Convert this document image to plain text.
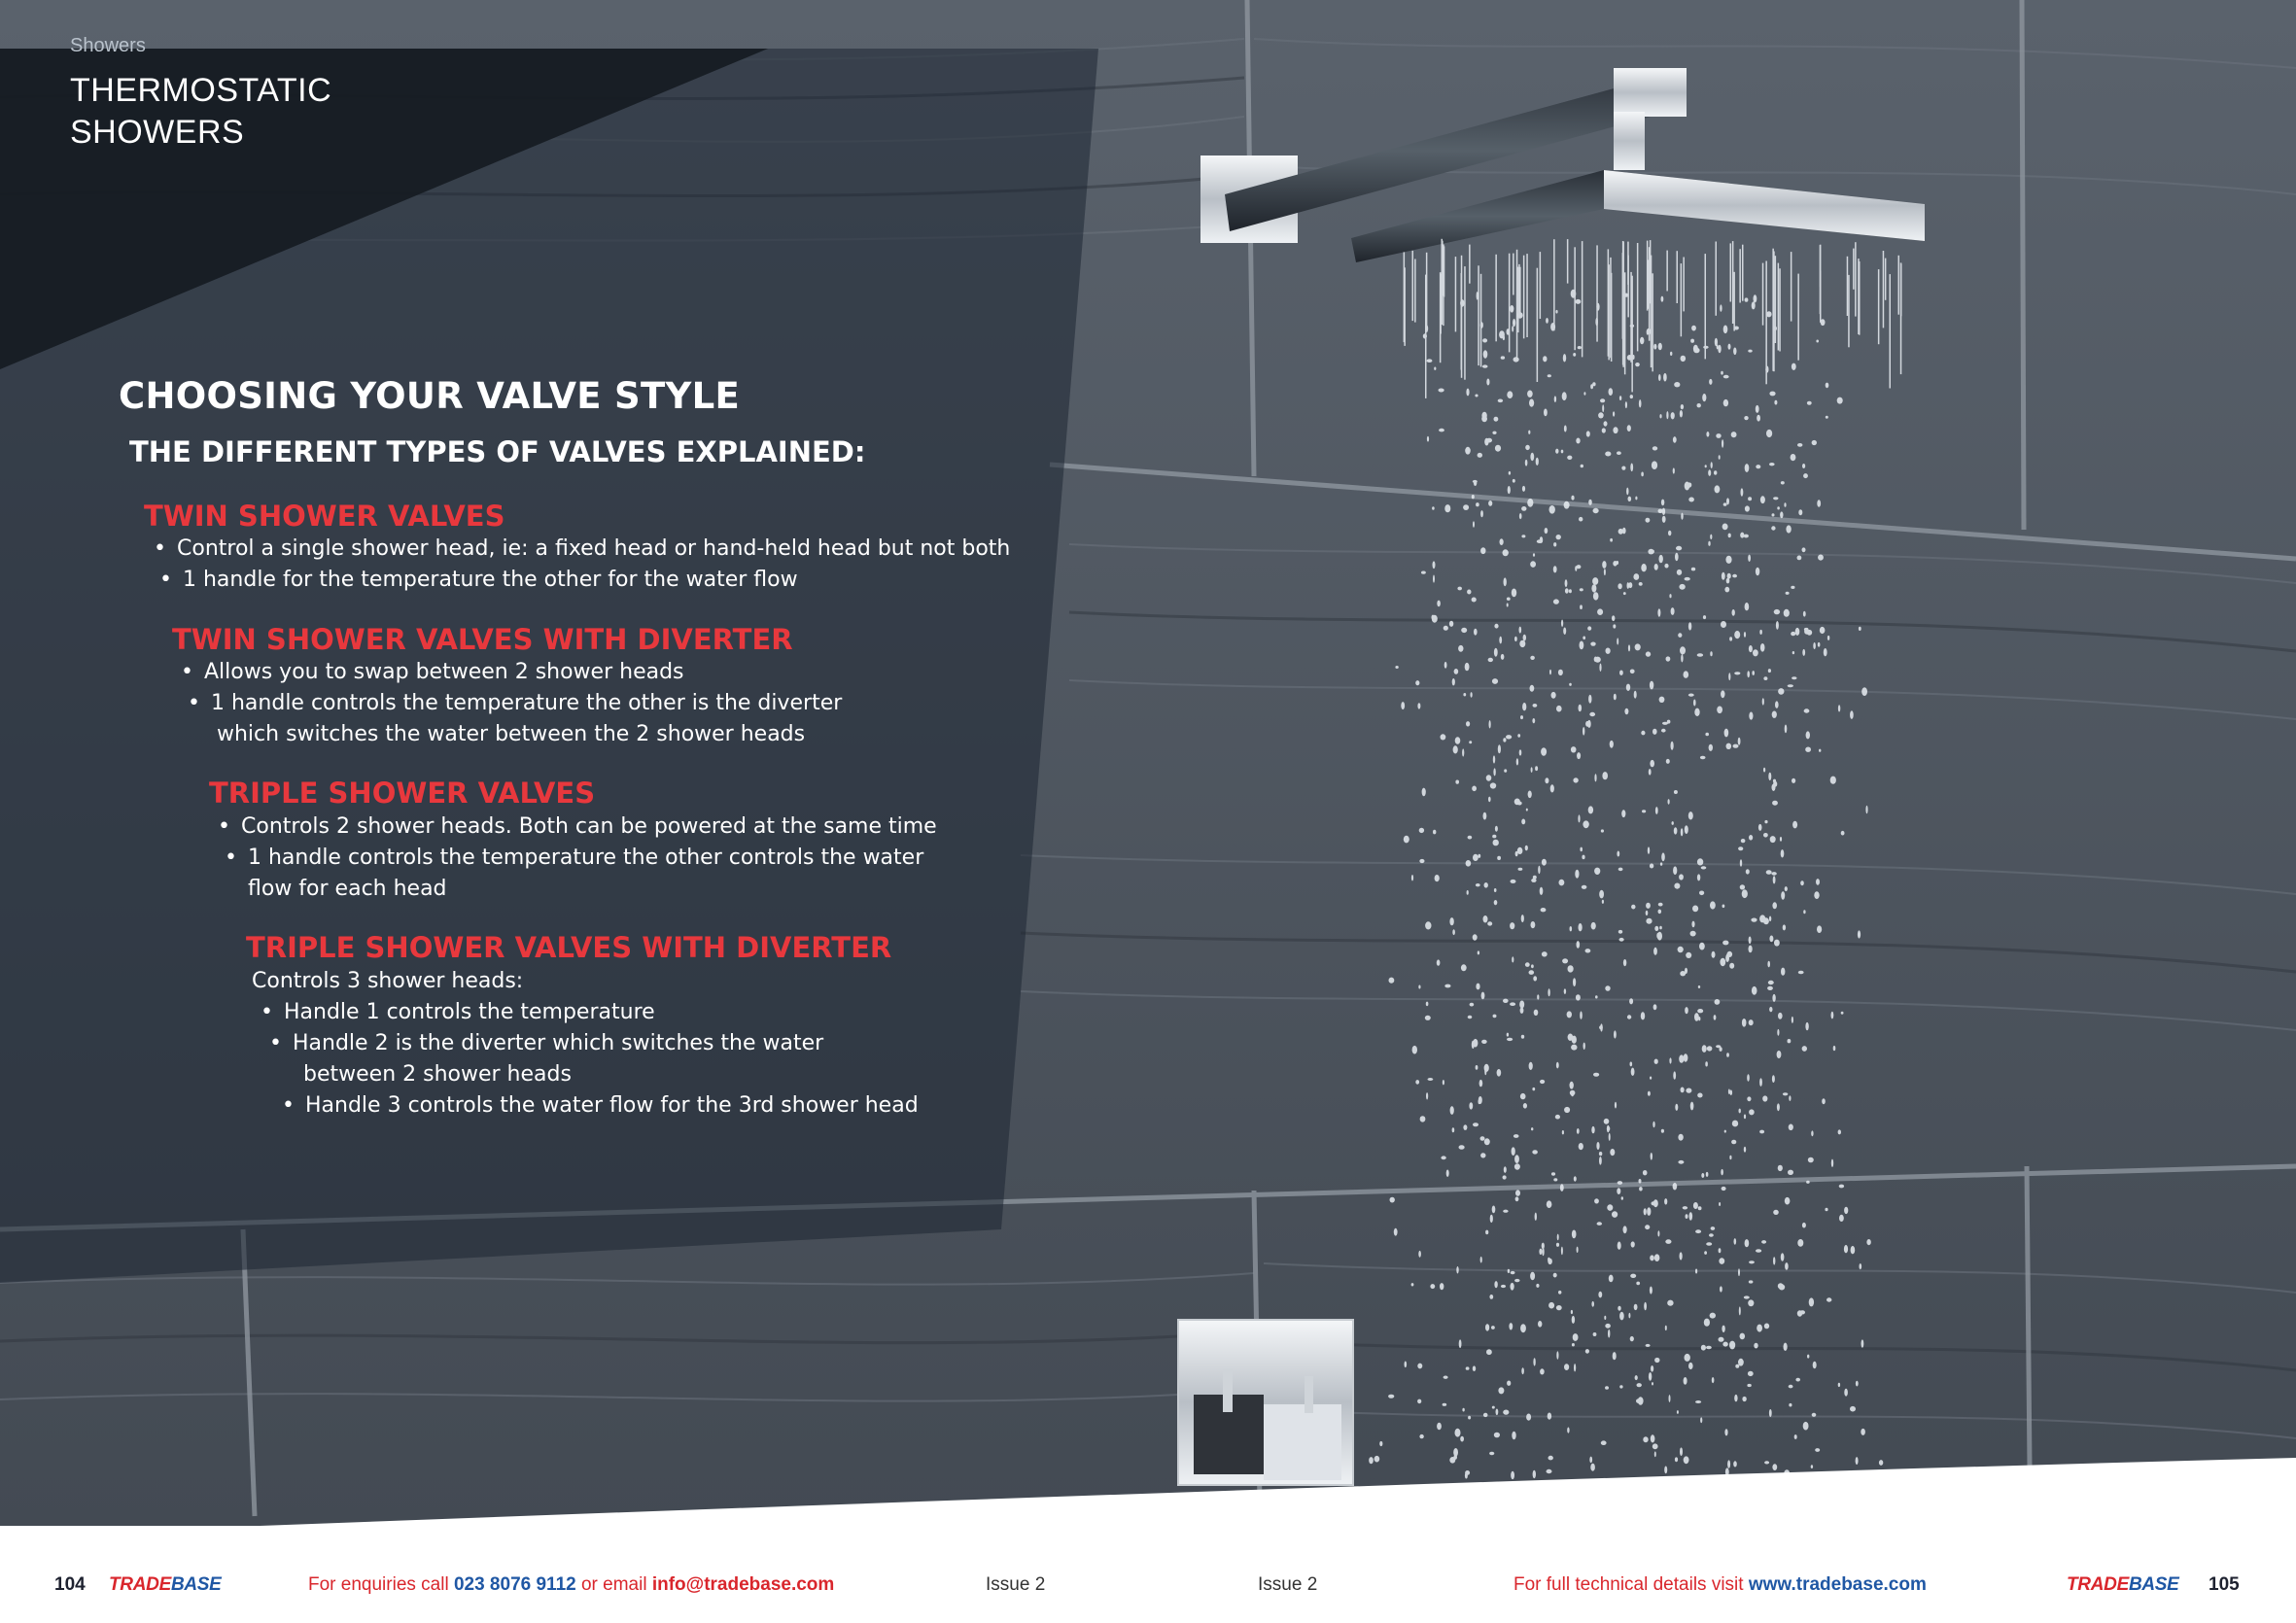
Showers
THERMOSTATIC
SHOWERS
CHOOSING YOUR VALVE STYLE
THE DIFFERENT TYPES OF VALVES EXPLAINED:
TWIN SHOWER VALVES
• Control a single shower head, ie: a fixed head or hand-held head but not both
• 1 handle for the temperature the other for the water flow
TWIN SHOWER VALVES WITH DIVERTER
• Allows you to swap between 2 shower heads
• 1 handle controls the temperature the other is the diverter
which switches the water between the 2 shower heads
TRIPLE SHOWER VALVES
• Controls 2 shower heads. Both can be powered at the same time
• 1 handle controls the temperature the other controls the water
flow for each head
TRIPLE SHOWER VALVES WITH DIVERTER
Controls 3 shower heads:
• Handle 1 controls the temperature
• Handle 2 is the diverter which switches the water
between 2 shower heads
• Handle 3 controls the water flow for the 3rd shower head
104 TRADEBASE	For enquiries call 023 8076 9112 or email info@tradebase.com	Issue 2	Issue 2	For full technical details visit www.tradebase.com	TRADEBASE 105
